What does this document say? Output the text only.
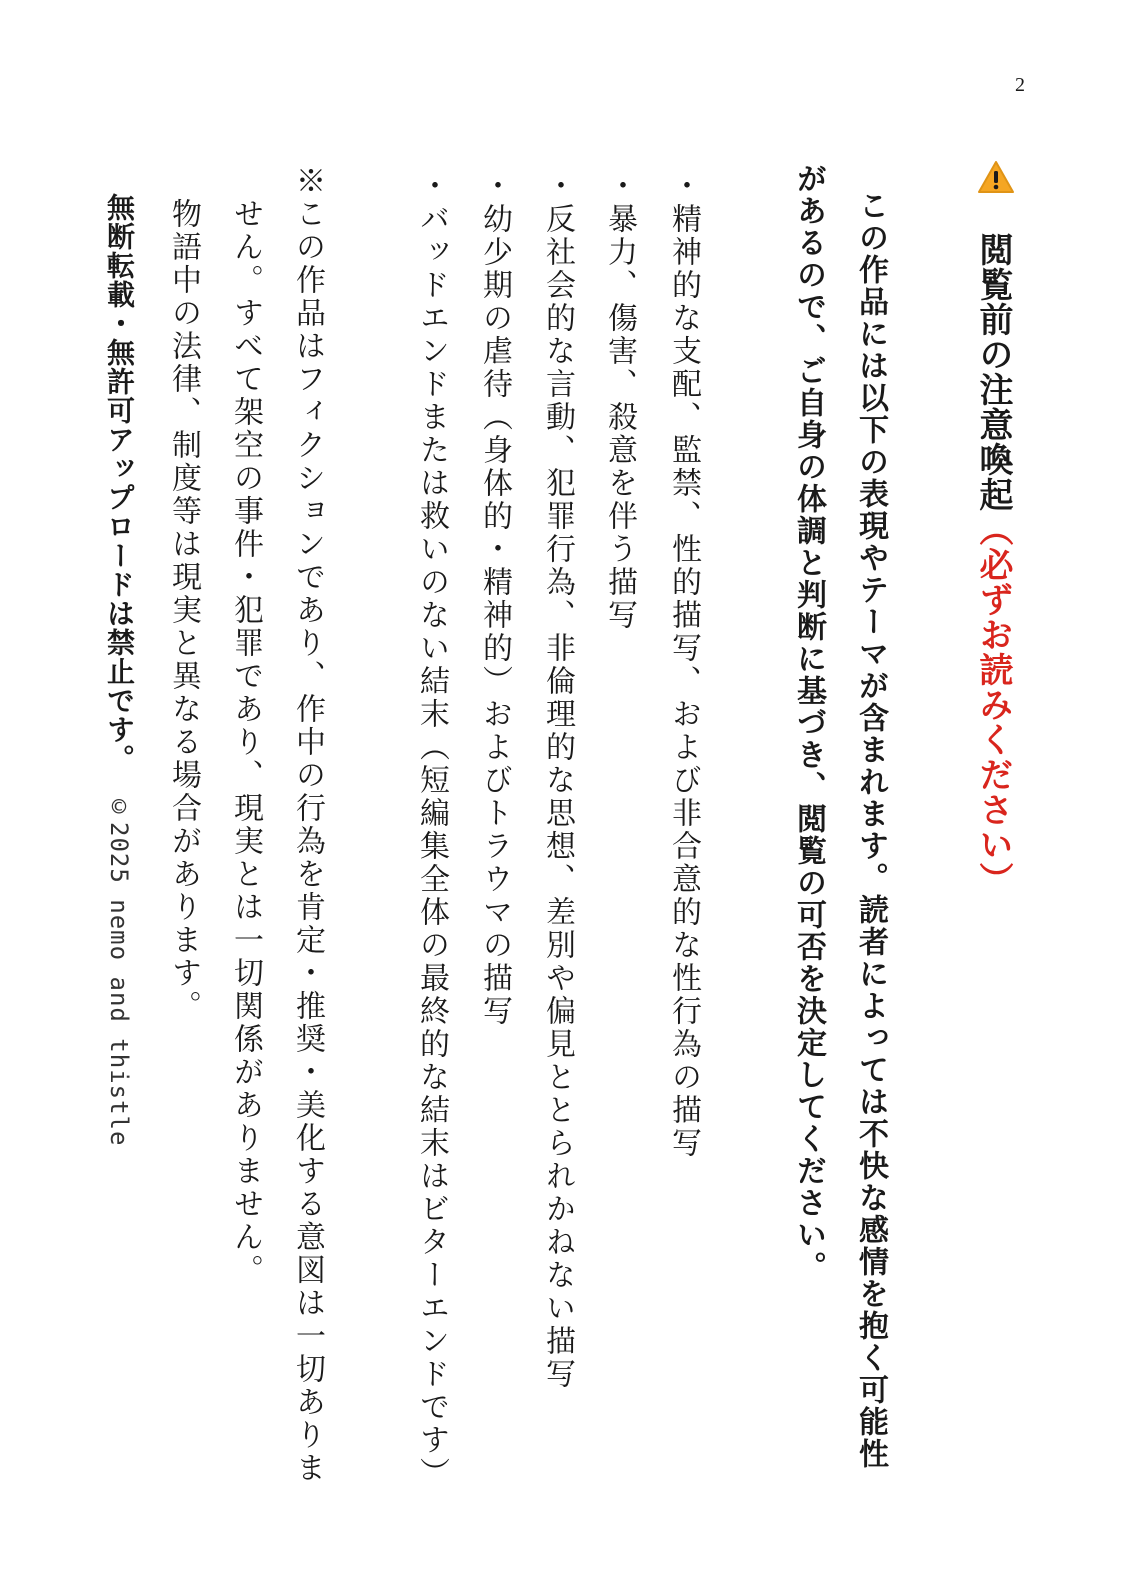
2
閲覧前の注意喚起（必ずお読みください）
この作品には以下の表現やテーマが含まれます。読者によっては不快な感情を抱く可能性
があるので、ご自身の体調と判断に基づき、閲覧の可否を決定してください。
・精神的な支配、監禁、性的描写、および非合意的な性行為の描写
・暴力、傷害、殺意を伴う描写
・反社会的な言動、犯罪行為、非倫理的な思想、差別や偏見ととられかねない描写
・幼少期の虐待（身体的・精神的）およびトラウマの描写
・バッドエンドまたは救いのない結末（短編集全体の最終的な結末はビターエンドです）
※この作品はフィクションであり、作中の行為を肯定・推奨・美化する意図は一切ありま
せん。すべて架空の事件・犯罪であり、現実とは一切関係がありません。
物語中の法律、制度等は現実と異なる場合があります。
無断転載・無許可アップロードは禁止です。©2025 nemo and thistle
